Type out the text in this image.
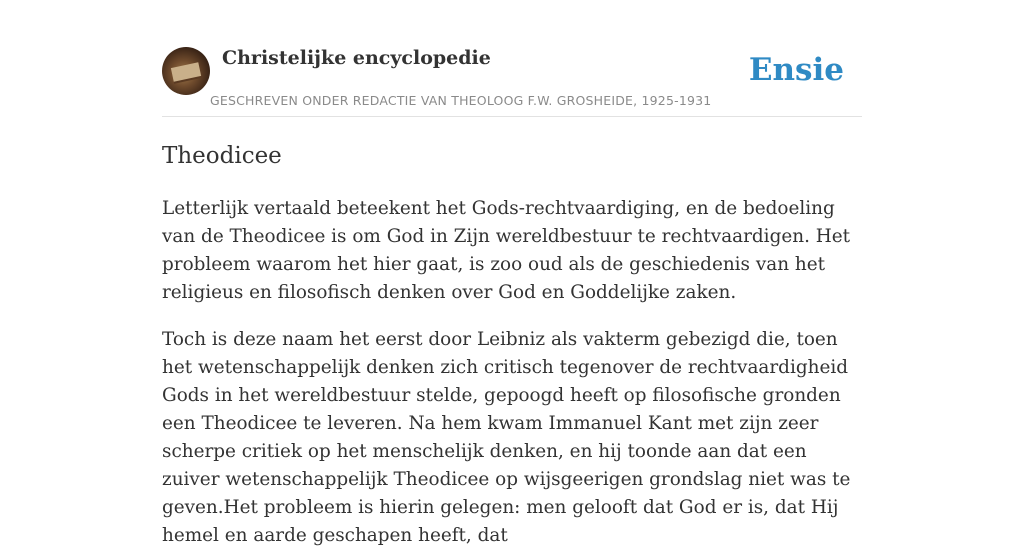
Christelijke encyclopedie
GESCHREVEN ONDER REDACTIE VAN THEOLOOG F.W. GROSHEIDE, 1925-1931
Ensie
Theodicee

Letterlijk vertaald beteekent het Gods-rechtvaardiging, en de bedoeling van de Theodicee is om God in Zijn wereldbestuur te rechtvaardigen. Het probleem waarom het hier gaat, is zoo oud als de geschiedenis van het religieus en filosofisch denken over God en Goddelijke zaken.

Toch is deze naam het eerst door Leibniz als vakterm gebezigd die, toen het wetenschappelijk denken zich critisch tegenover de rechtvaardigheid Gods in het wereldbestuur stelde, gepoogd heeft op filosofische gronden een Theodicee te leveren. Na hem kwam Immanuel Kant met zijn zeer scherpe critiek op het menschelijk denken, en hij toonde aan dat een zuiver wetenschappelijk Theodicee op wijsgeerigen grondslag niet was te geven.Het probleem is hierin gelegen: men gelooft dat God er is, dat Hij hemel en aarde geschapen heeft, dat
